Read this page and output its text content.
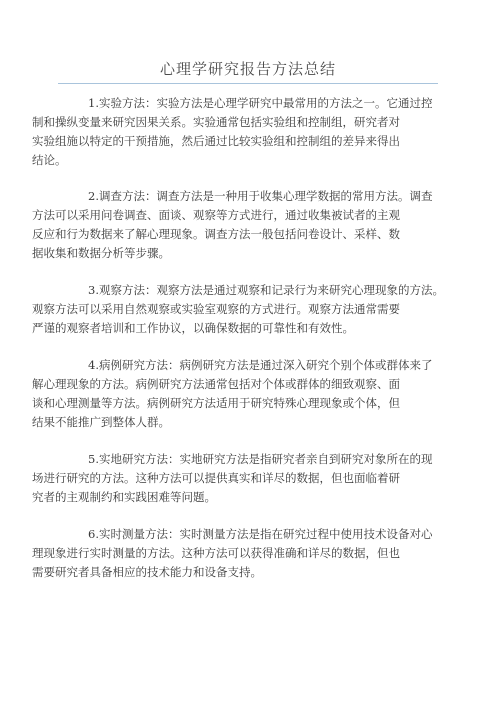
心理学研究报告方法总结
1.实验方法：实验方法是心理学研究中最常用的方法之一。它通过控
制和操纵变量来研究因果关系。实验通常包括实验组和控制组，研究者对
实验组施以特定的干预措施，然后通过比较实验组和控制组的差异来得出
结论。
2.调查方法：调查方法是一种用于收集心理学数据的常用方法。调查
方法可以采用问卷调查、面谈、观察等方式进行，通过收集被试者的主观
反应和行为数据来了解心理现象。调查方法一般包括问卷设计、采样、数
据收集和数据分析等步骤。
3.观察方法：观察方法是通过观察和记录行为来研究心理现象的方法。
观察方法可以采用自然观察或实验室观察的方式进行。观察方法通常需要
严谨的观察者培训和工作协议，以确保数据的可靠性和有效性。
4.病例研究方法：病例研究方法是通过深入研究个别个体或群体来了
解心理现象的方法。病例研究方法通常包括对个体或群体的细致观察、面
谈和心理测量等方法。病例研究方法适用于研究特殊心理现象或个体，但
结果不能推广到整体人群。
5.实地研究方法：实地研究方法是指研究者亲自到研究对象所在的现
场进行研究的方法。这种方法可以提供真实和详尽的数据，但也面临着研
究者的主观制约和实践困难等问题。
6.实时测量方法：实时测量方法是指在研究过程中使用技术设备对心
理现象进行实时测量的方法。这种方法可以获得准确和详尽的数据，但也
需要研究者具备相应的技术能力和设备支持。
